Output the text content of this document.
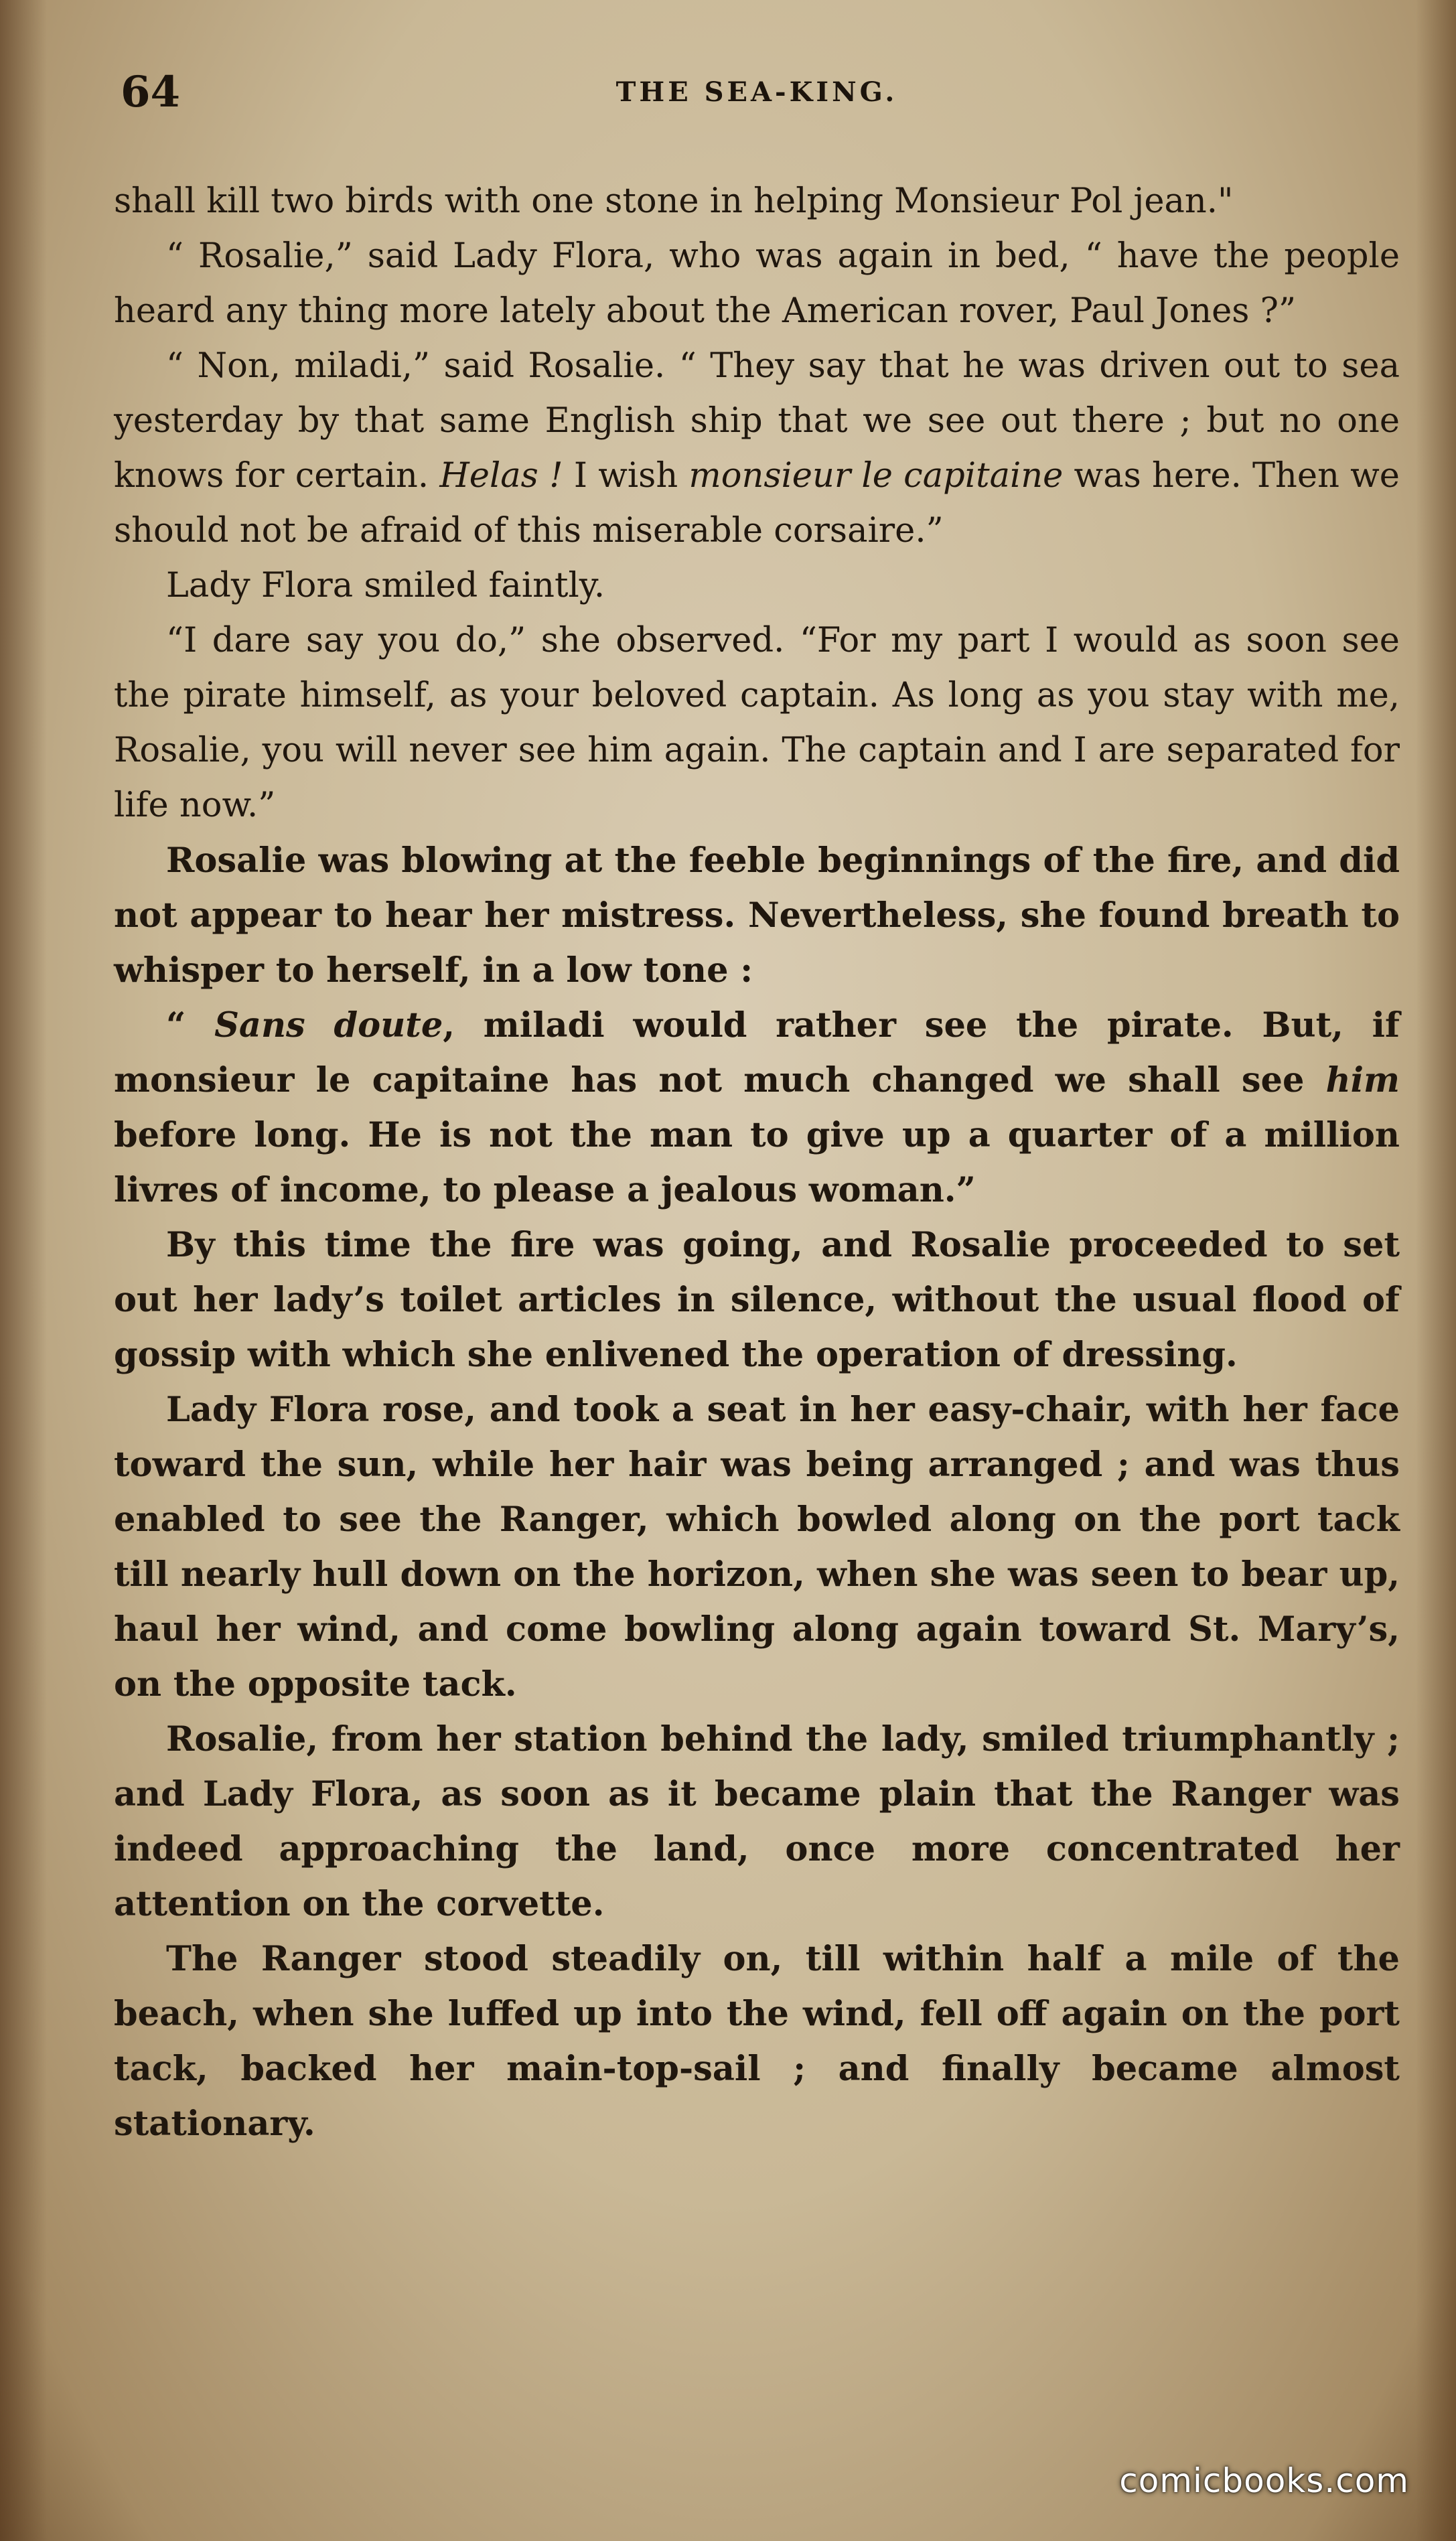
64	THE SEA-KING.

shall kill two birds with one stone in helping Monsieur Pol jean."

“ Rosalie,” said Lady Flora, who was again in bed, “ have the people heard any thing more lately about the American rover, Paul Jones ?”

“ Non, miladi,” said Rosalie. “ They say that he was driven out to sea yesterday by that same English ship that we see out there ; but no one knows for certain. Helas ! I wish monsieur le capitaine was here. Then we should not be afraid of this miserable corsaire.”

Lady Flora smiled faintly.

“I dare say you do,” she observed. “For my part I would as soon see the pirate himself, as your beloved captain. As long as you stay with me, Rosalie, you will never see him again. The captain and I are separated for life now.”

Rosalie was blowing at the feeble beginnings of the fire, and did not appear to hear her mistress. Nevertheless, she found breath to whisper to herself, in a low tone :

“ Sans doute, miladi would rather see the pirate. But, if monsieur le capitaine has not much changed we shall see him before long. He is not the man to give up a quarter of a million livres of income, to please a jealous woman.”

By this time the fire was going, and Rosalie proceeded to set out her lady’s toilet articles in silence, without the usual flood of gossip with which she enlivened the operation of dressing.

Lady Flora rose, and took a seat in her easy-chair, with her face toward the sun, while her hair was being arranged ; and was thus enabled to see the Ranger, which bowled along on the port tack till nearly hull down on the horizon, when she was seen to bear up, haul her wind, and come bowling along again toward St. Mary’s, on the opposite tack.

Rosalie, from her station behind the lady, smiled triumphantly ; and Lady Flora, as soon as it became plain that the Ranger was indeed approaching the land, once more concentrated her attention on the corvette.

The Ranger stood steadily on, till within half a mile of the beach, when she luffed up into the wind, fell off again on the port tack, backed her main-top-sail ; and finally became almost stationary.

comicbooks.com
